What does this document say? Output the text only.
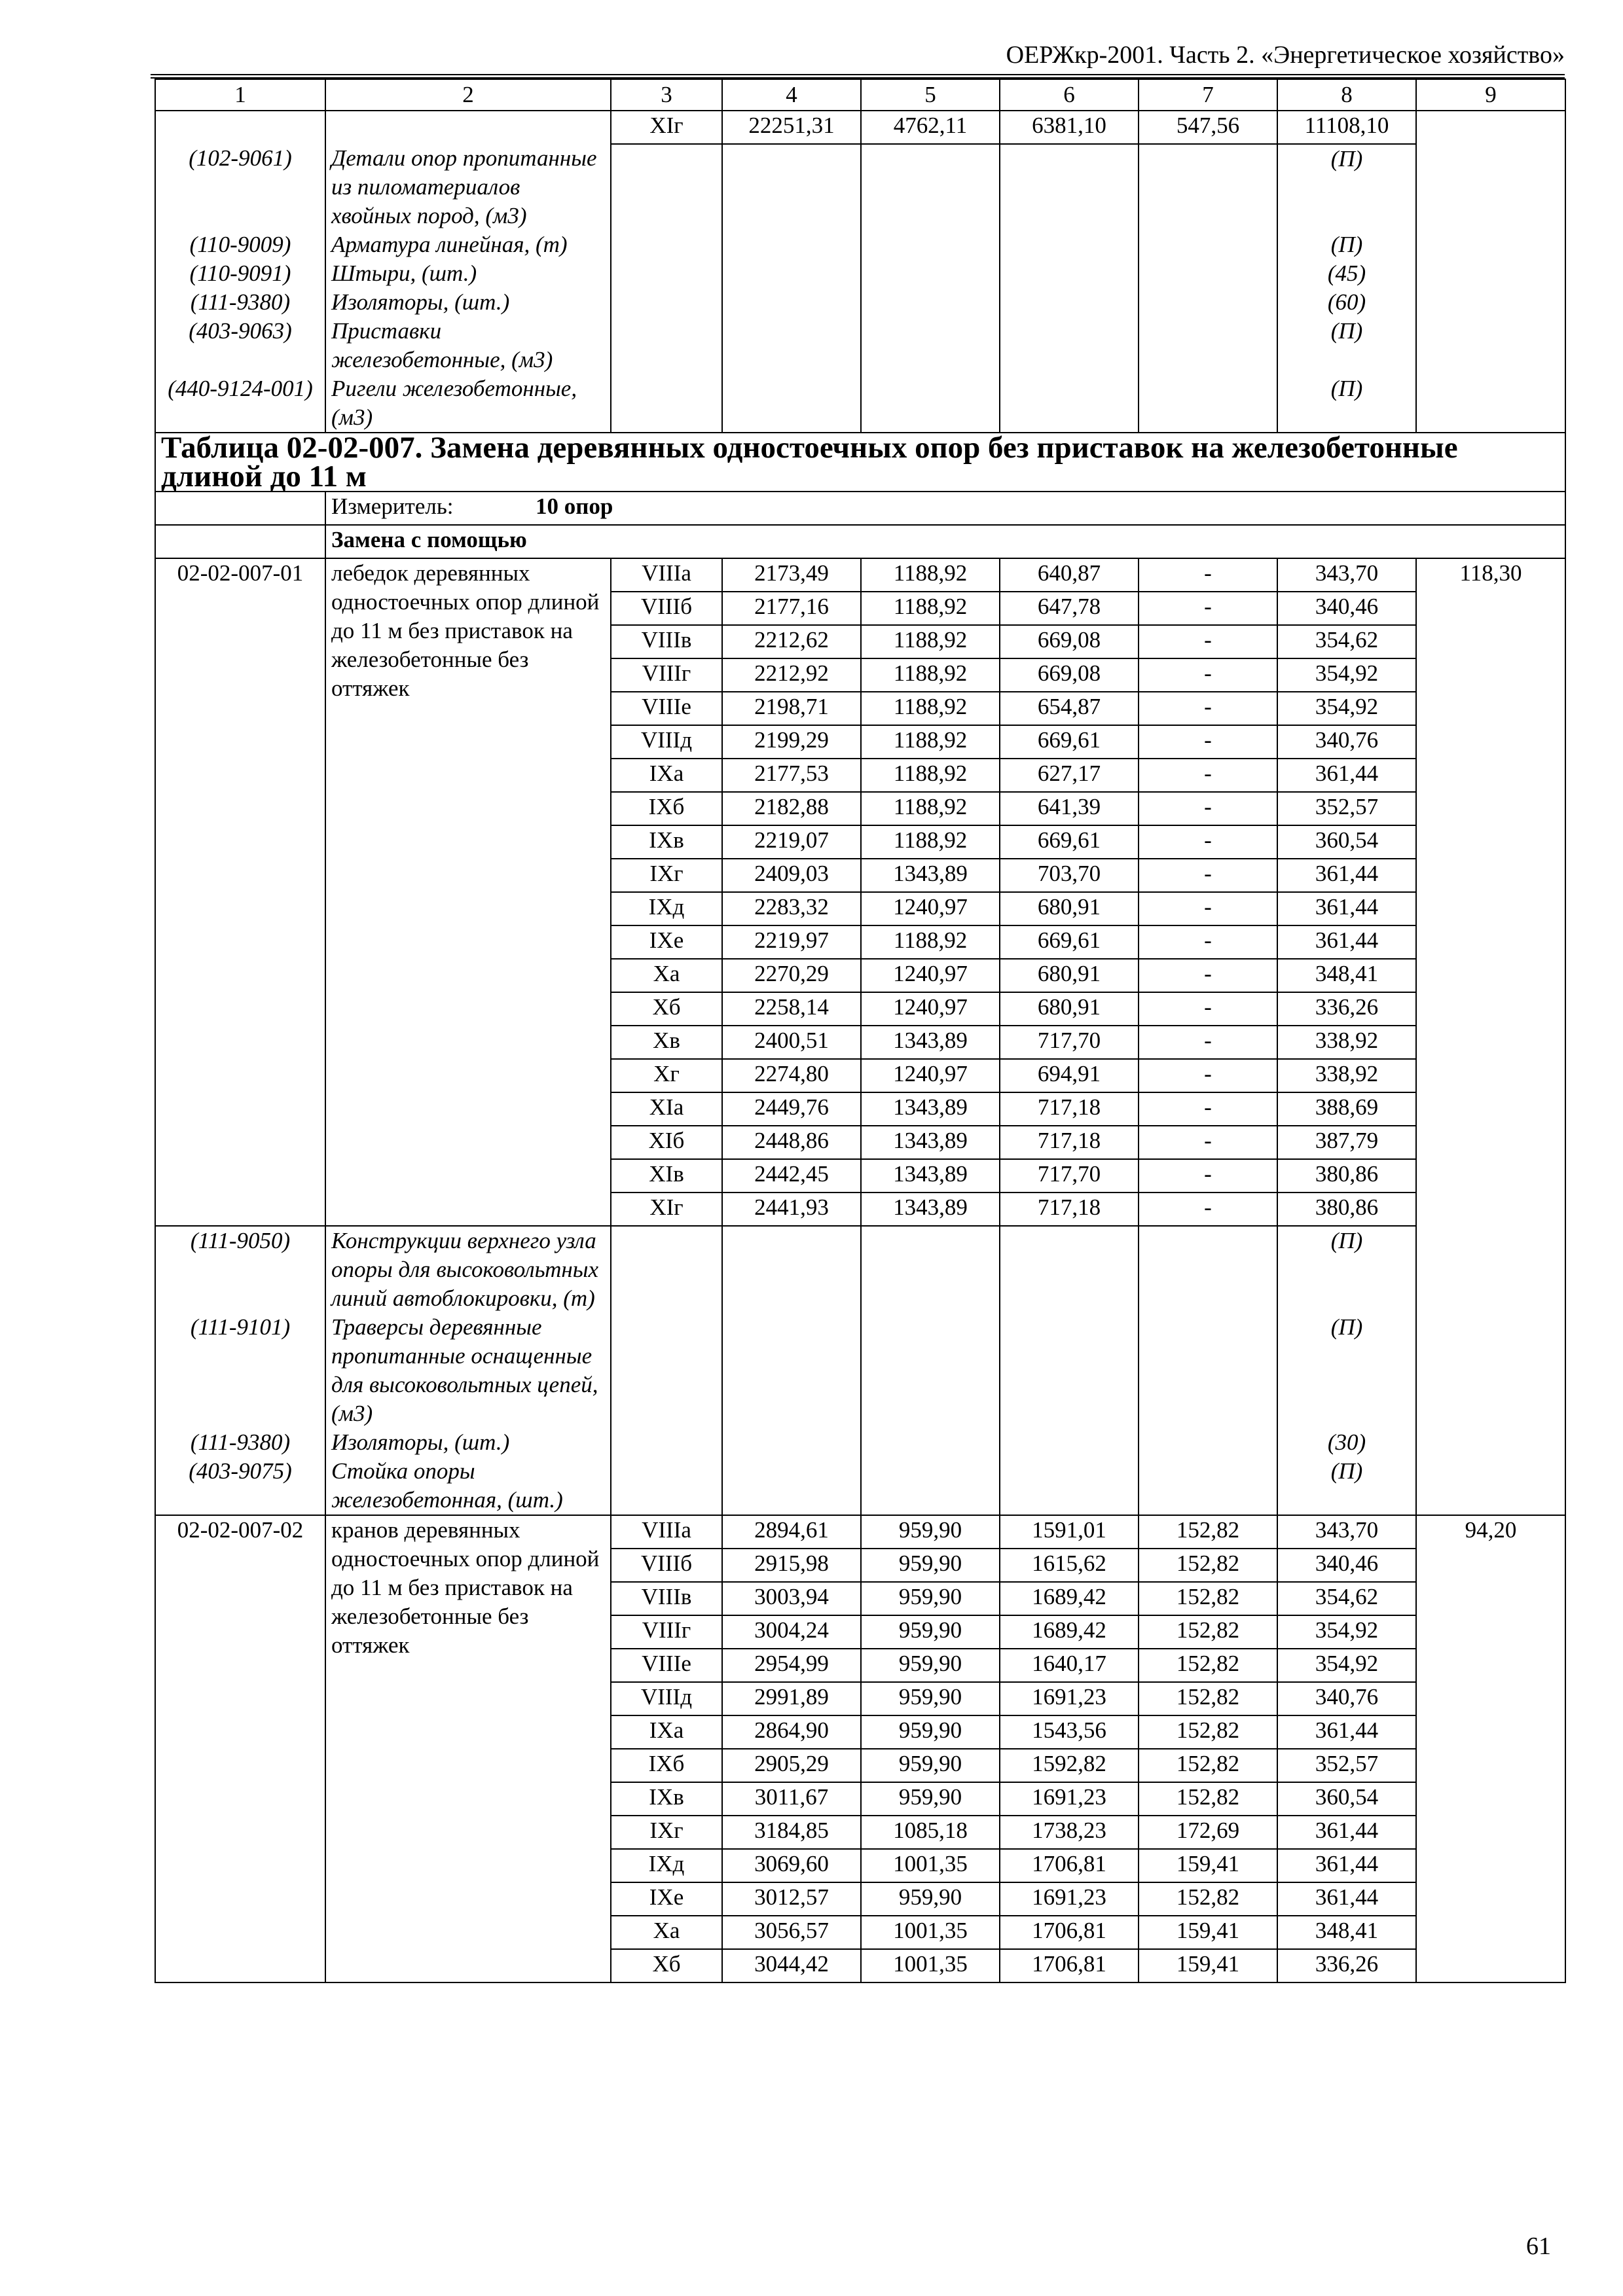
ОЕРЖкр-2001. Часть 2. «Энергетическое хозяйство»
1	2	3	4	5	6	7	8	9
		XIг	22251,31	4762,11	6381,10	547,56	11108,10	
(102-9061)	Детали опор пропитанные из пиломатериалов хвойных пород, (м3)						(П)	
(110-9009)	Арматура линейная, (т)						(П)	
(110-9091)	Штыри, (шт.)						(45)	
(111-9380)	Изоляторы, (шт.)						(60)	
(403-9063)	Приставки железобетонные, (м3)						(П)	
(440-9124-001)	Ригели железобетонные, (м3)						(П)	
Таблица 02-02-007. Замена деревянных одностоечных опор без приставок на железобетонные длиной до 11 м								

	Измеритель: 10 опор							

	Замена с помощью							
02-02-007-01	лебедок деревянных одностоечных опор длиной до 11 м без приставок на железобетонные без оттяжек	VIIIа	2173,49	1188,92	640,87	-	343,70	118,30
		VIIIб	2177,16	1188,92	647,78	-	340,46	
		VIIIв	2212,62	1188,92	669,08	-	354,62	
		VIIIг	2212,92	1188,92	669,08	-	354,92	
		VIIIе	2198,71	1188,92	654,87	-	354,92	
		VIIIд	2199,29	1188,92	669,61	-	340,76	
		IXа	2177,53	1188,92	627,17	-	361,44	
		IXб	2182,88	1188,92	641,39	-	352,57	
		IXв	2219,07	1188,92	669,61	-	360,54	
		IXг	2409,03	1343,89	703,70	-	361,44	
		IXд	2283,32	1240,97	680,91	-	361,44	
		IXе	2219,97	1188,92	669,61	-	361,44	
		Xа	2270,29	1240,97	680,91	-	348,41	
		Xб	2258,14	1240,97	680,91	-	336,26	
		Xв	2400,51	1343,89	717,70	-	338,92	
		Xг	2274,80	1240,97	694,91	-	338,92	
		XIа	2449,76	1343,89	717,18	-	388,69	
		XIб	2448,86	1343,89	717,18	-	387,79	
		XIв	2442,45	1343,89	717,70	-	380,86	
		XIг	2441,93	1343,89	717,18	-	380,86	
(111-9050)	Конструкции верхнего узла опоры для высоковольтных линий автоблокировки, (т)						(П)	
(111-9101)	Траверсы деревянные пропитанные оснащенные для высоковольтных цепей, (м3)						(П)	
(111-9380)	Изоляторы, (шт.)						(30)	
(403-9075)	Стойка опоры железобетонная, (шт.)						(П)	
02-02-007-02	кранов деревянных одностоечных опор длиной до 11 м без приставок на железобетонные без оттяжек	VIIIа	2894,61	959,90	1591,01	152,82	343,70	94,20
		VIIIб	2915,98	959,90	1615,62	152,82	340,46	
		VIIIв	3003,94	959,90	1689,42	152,82	354,62	
		VIIIг	3004,24	959,90	1689,42	152,82	354,92	
		VIIIе	2954,99	959,90	1640,17	152,82	354,92	
		VIIIд	2991,89	959,90	1691,23	152,82	340,76	
		IXа	2864,90	959,90	1543,56	152,82	361,44	
		IXб	2905,29	959,90	1592,82	152,82	352,57	
		IXв	3011,67	959,90	1691,23	152,82	360,54	
		IXг	3184,85	1085,18	1738,23	172,69	361,44	
		IXд	3069,60	1001,35	1706,81	159,41	361,44	
		IXе	3012,57	959,90	1691,23	152,82	361,44	
		Xа	3056,57	1001,35	1706,81	159,41	348,41	
		Xб	3044,42	1001,35	1706,81	159,41	336,26	
61
